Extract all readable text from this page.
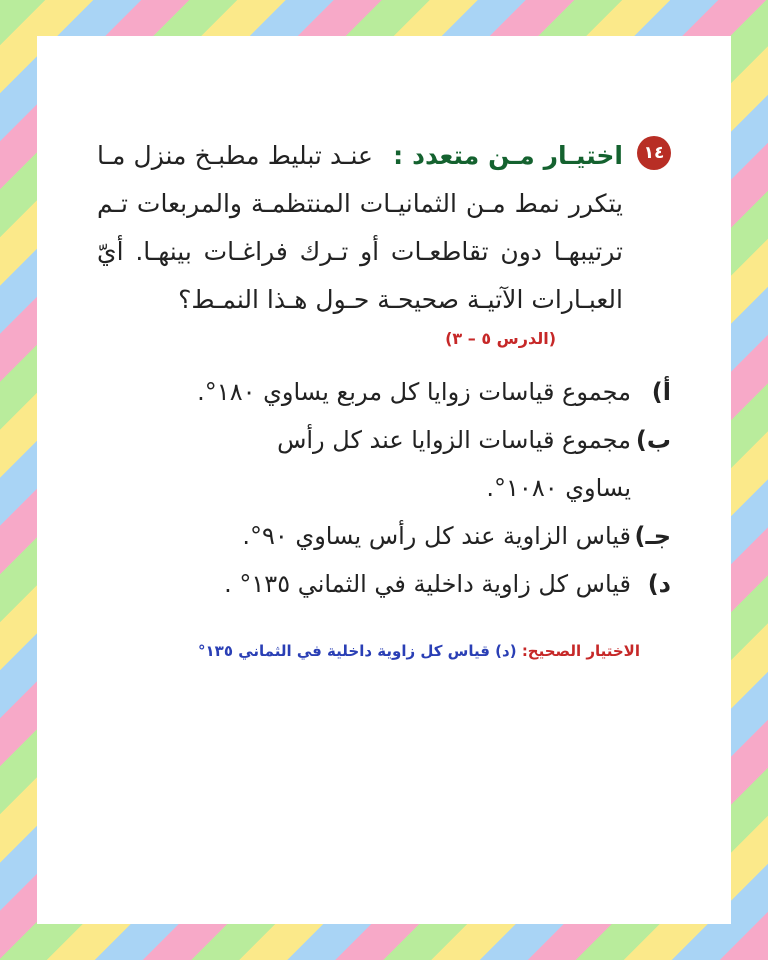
١٤
اختيـار مـن متعدد : عنـد تبليط مطبـخ منزل مـا يتكرر نمط مـن الثمانيـات المنتظمـة والمربعات تـم ترتيبهـا دون تقاطعـات أو تـرك فراغـات بينهـا. أيّ العبـارات الآتيـة صحيحـة حـول هـذا النمـط؟
(الدرس ٥ – ٣)
أ)
مجموع قياسات زوايا كل مربع يساوي ١٨٠°.
ب)
مجموع قياسات الزوايا عند كل رأس يساوي ١٠٨٠°.
جـ)
قياس الزاوية عند كل رأس يساوي ٩٠°.
د)
قياس كل زاوية داخلية في الثماني ١٣٥° .
الاختيار الصحيح: (د) قياس كل زاوية داخلية في الثماني ١٣٥°
